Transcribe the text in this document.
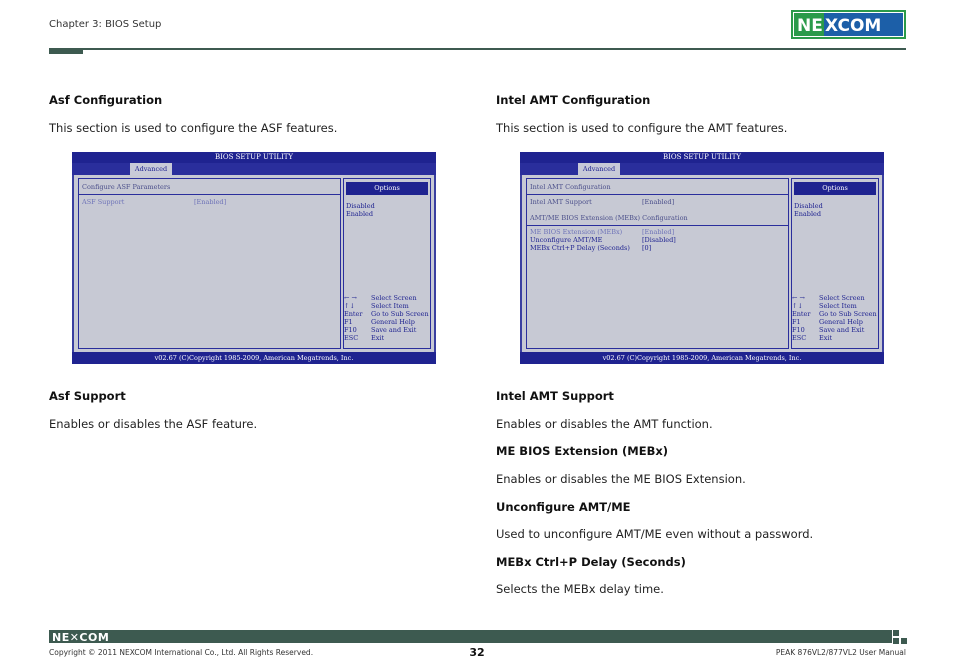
Chapter 3: BIOS Setup	NE XCOM
Asf Configuration
This section is used to configure the ASF features.
BIOS SETUP UTILITY
Advanced
Configure ASF Parameters
ASF Support	[Enabled]
Options
Disabled
Enabled
← → Select Screen
↑↓ Select Item
Enter Go to Sub Screen
F1	General Help
F10 Save and Exit
ESC Exit
v02.67 (C)Copyright 1985-2009, American Megatrends, Inc.
Asf Support
Enables or disables the ASF feature.
Intel AMT Configuration
This section is used to configure the AMT features.
BIOS SETUP UTILITY
Advanced
Intel AMT Configuration
Intel AMT Support	[Enabled]
AMT/ME BIOS Extension (MEBx) Configuration
ME BIOS Extension (MEBx)	[Enabled]
Unconfigure AMT/ME	[Disabled]
MEBx Ctrl+P Delay (Seconds) [0]
Options
Disabled
Enabled
← → Select Screen
↑↓ Select Item
Enter Go to Sub Screen
F1	General Help
F10 Save and Exit
ESC Exit
v02.67 (C)Copyright 1985-2009, American Megatrends, Inc.
Intel AMT Support
Enables or disables the AMT function.
ME BIOS Extension (MEBx)
Enables or disables the ME BIOS Extension.
Unconfigure AMT/ME
Used to unconfigure AMT/ME even without a password.
MEBx Ctrl+P Delay (Seconds)
Selects the MEBx delay time.
NE✕COM
Copyright © 2011 NEXCOM International Co., Ltd. All Rights Reserved.	32	PEAK 876VL2/877VL2 User Manual
